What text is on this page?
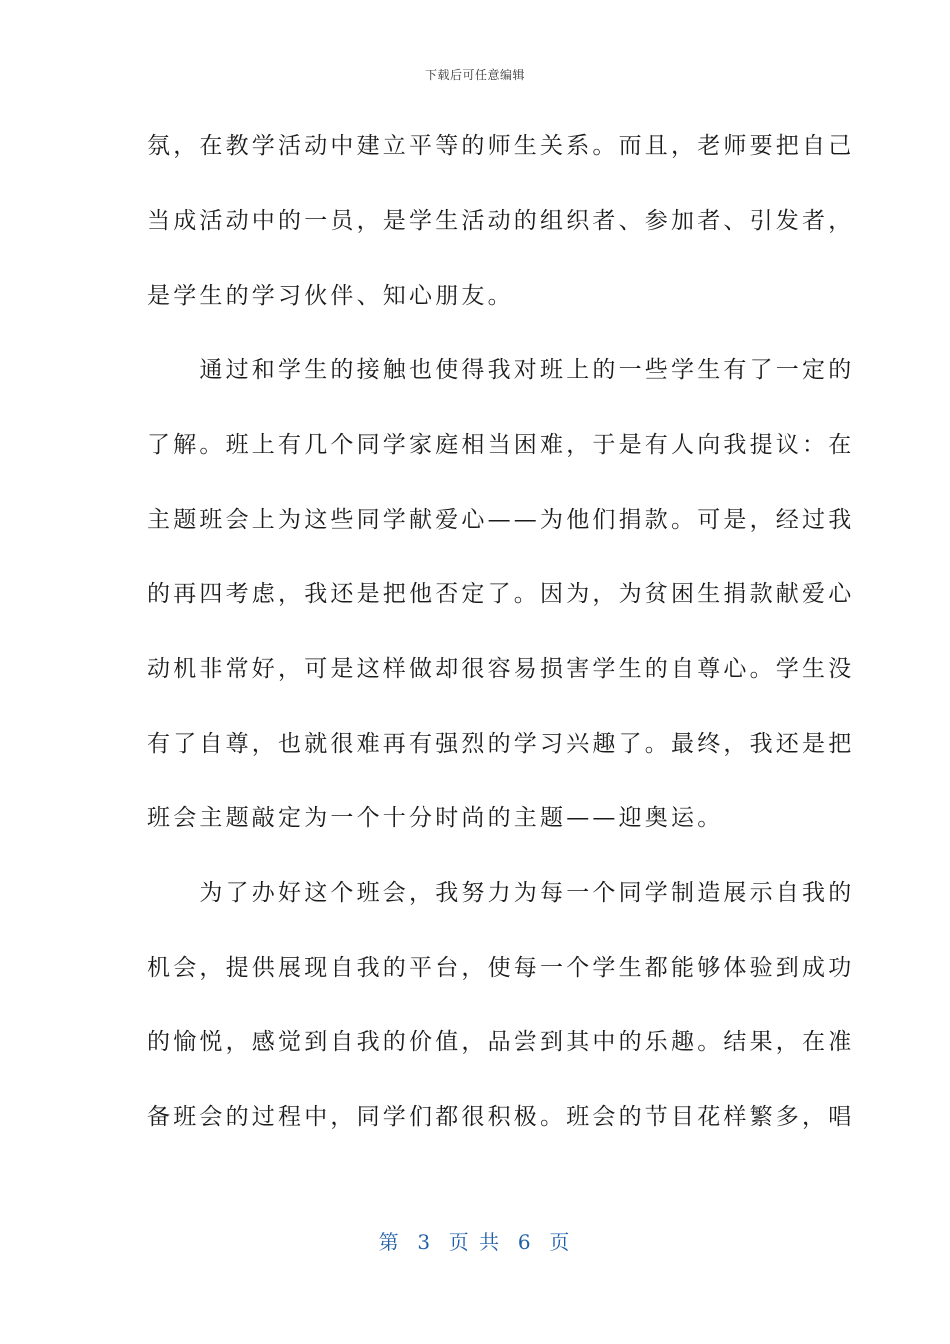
下载后可任意编辑
氛，在教学活动中建立平等的师生关系。而且，老师要把自己
当成活动中的一员，是学生活动的组织者、参加者、引发者，
是学生的学习伙伴、知心朋友。
　　通过和学生的接触也使得我对班上的一些学生有了一定的
了解。班上有几个同学家庭相当困难，于是有人向我提议：在
主题班会上为这些同学献爱心——为他们捐款。可是，经过我
的再四考虑，我还是把他否定了。因为，为贫困生捐款献爱心
动机非常好，可是这样做却很容易损害学生的自尊心。学生没
有了自尊，也就很难再有强烈的学习兴趣了。最终，我还是把
班会主题敲定为一个十分时尚的主题——迎奥运。
　　为了办好这个班会，我努力为每一个同学制造展示自我的
机会，提供展现自我的平台，使每一个学生都能够体验到成功
的愉悦，感觉到自我的价值，品尝到其中的乐趣。结果，在准
备班会的过程中，同学们都很积极。班会的节目花样繁多，唱
第  3  页 共  6  页
